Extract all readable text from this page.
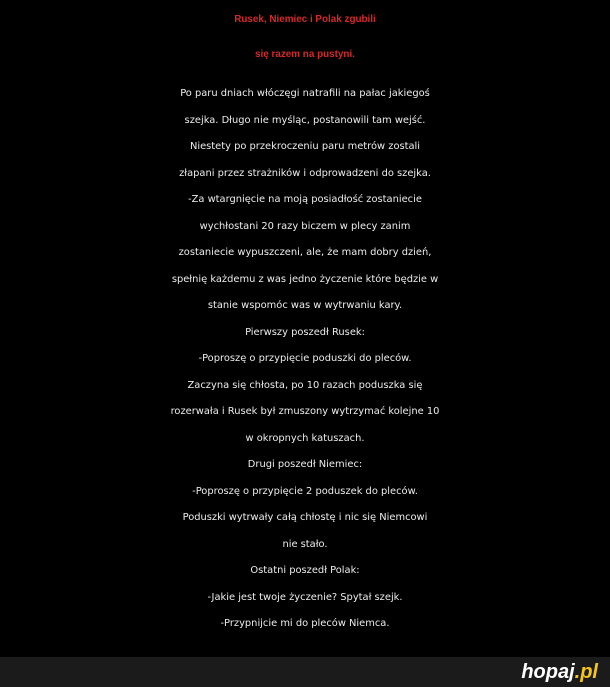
Rusek, Niemiec i Polak zgubili
się razem na pustyni.
Po paru dniach włóczęgi natrafili na pałac jakiegoś
szejka. Długo nie myśląc, postanowili tam wejść.
Niestety po przekroczeniu paru metrów zostali
złapani przez strażników i odprowadzeni do szejka.
-Za wtargnięcie na moją posiadłość zostaniecie
wychłostani 20 razy biczem w plecy zanim
zostaniecie wypuszczeni, ale, że mam dobry dzień,
spełnię każdemu z was jedno życzenie które będzie w
stanie wspomóc was w wytrwaniu kary.
Pierwszy poszedł Rusek:
-Poproszę o przypięcie poduszki do pleców.
Zaczyna się chłosta, po 10 razach poduszka się
rozerwała i Rusek był zmuszony wytrzymać kolejne 10
w okropnych katuszach.
Drugi poszedł Niemiec:
-Poproszę o przypięcie 2 poduszek do pleców.
Poduszki wytrwały całą chłostę i nic się Niemcowi
nie stało.
Ostatni poszedł Polak:
-Jakie jest twoje życzenie? Spytał szejk.
-Przypnijcie mi do pleców Niemca.
hopaj.pl
